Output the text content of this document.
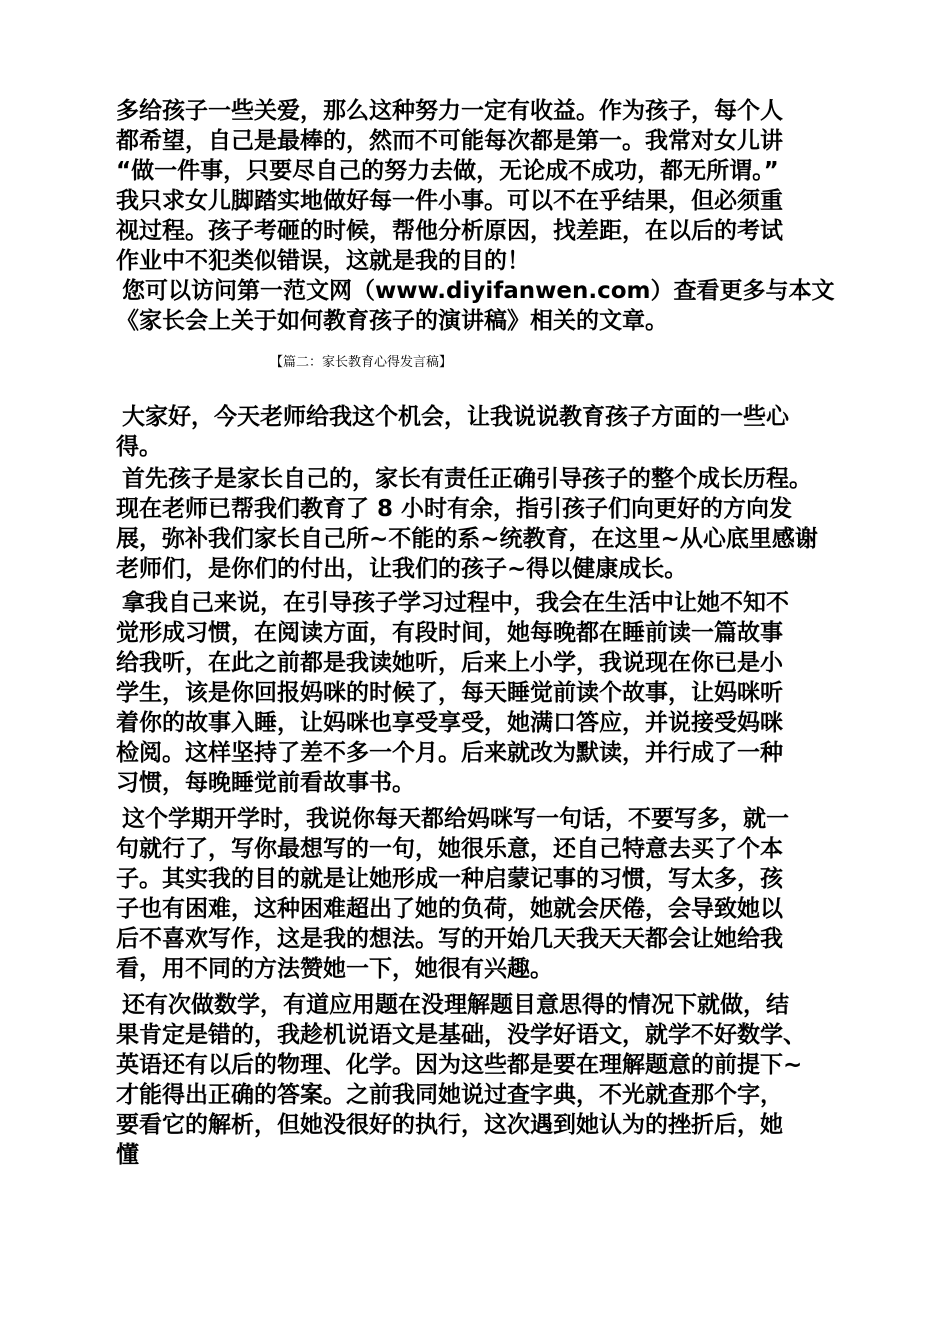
多给孩子一些关爱，那么这种努力一定有收益。作为孩子，每个人
都希望，自己是最棒的，然而不可能每次都是第一。我常对女儿讲
“做一件事，只要尽自己的努力去做，无论成不成功，都无所谓。”
我只求女儿脚踏实地做好每一件小事。可以不在乎结果，但必须重
视过程。孩子考砸的时候，帮他分析原因，找差距，在以后的考试
作业中不犯类似错误，这就是我的目的！
您可以访问第一范文网（www.diyifanwen.com）查看更多与本文
《家长会上关于如何教育孩子的演讲稿》相关的文章。
【篇二：家长教育心得发言稿】
大家好，今天老师给我这个机会，让我说说教育孩子方面的一些心
得。
首先孩子是家长自己的，家长有责任正确引导孩子的整个成长历程。
现在老师已帮我们教育了 8 小时有余，指引孩子们向更好的方向发
展，弥补我们家长自己所~不能的系~统教育，在这里~从心底里感谢
老师们，是你们的付出，让我们的孩子~得以健康成长。
拿我自己来说，在引导孩子学习过程中，我会在生活中让她不知不
觉形成习惯，在阅读方面，有段时间，她每晚都在睡前读一篇故事
给我听，在此之前都是我读她听，后来上小学，我说现在你已是小
学生，该是你回报妈咪的时候了，每天睡觉前读个故事，让妈咪听
着你的故事入睡，让妈咪也享受享受，她满口答应，并说接受妈咪
检阅。这样坚持了差不多一个月。后来就改为默读，并行成了一种
习惯，每晚睡觉前看故事书。
这个学期开学时，我说你每天都给妈咪写一句话，不要写多，就一
句就行了，写你最想写的一句，她很乐意，还自己特意去买了个本
子。其实我的目的就是让她形成一种启蒙记事的习惯，写太多，孩
子也有困难，这种困难超出了她的负荷，她就会厌倦，会导致她以
后不喜欢写作，这是我的想法。写的开始几天我天天都会让她给我
看，用不同的方法赞她一下，她很有兴趣。
还有次做数学，有道应用题在没理解题目意思得的情况下就做，结
果肯定是错的，我趁机说语文是基础，没学好语文，就学不好数学、
英语还有以后的物理、化学。因为这些都是要在理解题意的前提下~
才能得出正确的答案。之前我同她说过查字典，不光就查那个字，
要看它的解析，但她没很好的执行，这次遇到她认为的挫折后，她
懂
